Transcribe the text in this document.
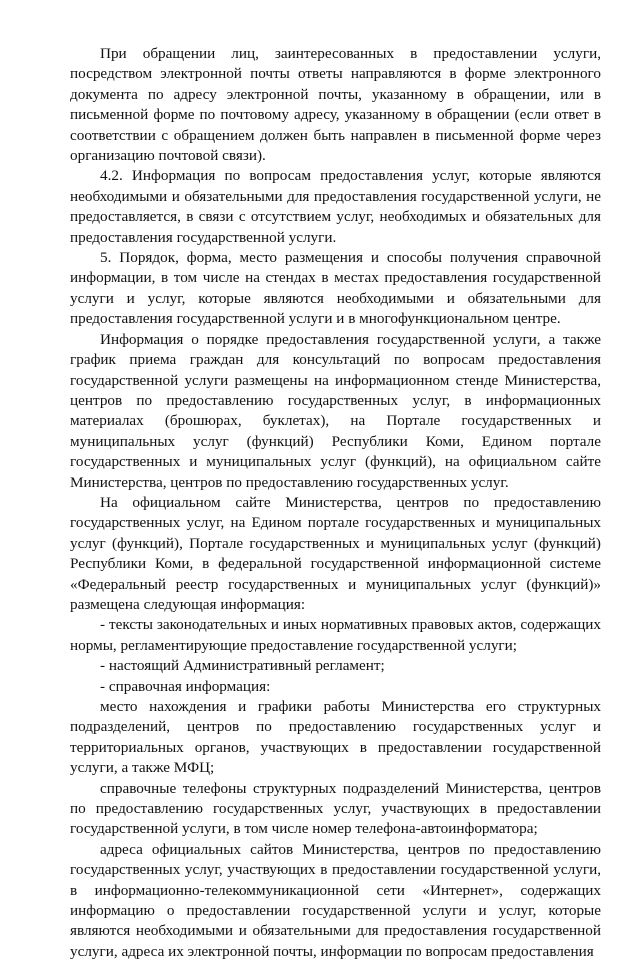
При обращении лиц, заинтересованных в предоставлении услуги, посредством электронной почты ответы направляются в форме электронного документа по адресу электронной почты, указанному в обращении, или в письменной форме по почтовому адресу, указанному в обращении (если ответ в соответствии с обращением должен быть направлен в письменной форме через организацию почтовой связи).

4.2. Информация по вопросам предоставления услуг, которые являются необходимыми и обязательными для предоставления государственной услуги, не предоставляется, в связи с отсутствием услуг, необходимых и обязательных для предоставления государственной услуги.

5. Порядок, форма, место размещения и способы получения справочной информации, в том числе на стендах в местах предоставления государственной услуги и услуг, которые являются необходимыми и обязательными для предоставления государственной услуги и в многофункциональном центре.

Информация о порядке предоставления государственной услуги, а также график приема граждан для консультаций по вопросам предоставления государственной услуги размещены на информационном стенде Министерства, центров по предоставлению государственных услуг, в информационных материалах (брошюрах, буклетах), на Портале государственных и муниципальных услуг (функций) Республики Коми, Едином портале государственных и муниципальных услуг (функций), на официальном сайте Министерства, центров по предоставлению государственных услуг.

На официальном сайте Министерства, центров по предоставлению государственных услуг, на Едином портале государственных и муниципальных услуг (функций), Портале государственных и муниципальных услуг (функций) Республики Коми, в федеральной государственной информационной системе «Федеральный реестр государственных и муниципальных услуг (функций)» размещена следующая информация:

- тексты законодательных и иных нормативных правовых актов, содержащих нормы, регламентирующие предоставление государственной услуги;

- настоящий Административный регламент;

- справочная информация:

место нахождения и графики работы Министерства его структурных подразделений, центров по предоставлению государственных услуг и территориальных органов, участвующих в предоставлении государственной услуги, а также МФЦ;

справочные телефоны структурных подразделений Министерства, центров по предоставлению государственных услуг, участвующих в предоставлении государственной услуги, в том числе номер телефона-автоинформатора;

адреса официальных сайтов Министерства, центров по предоставлению государственных услуг, участвующих в предоставлении государственной услуги, в информационно-телекоммуникационной сети «Интернет», содержащих информацию о предоставлении государственной услуги и услуг, которые являются необходимыми и обязательными для предоставления государственной услуги, адреса их электронной почты, информации по вопросам предоставления
